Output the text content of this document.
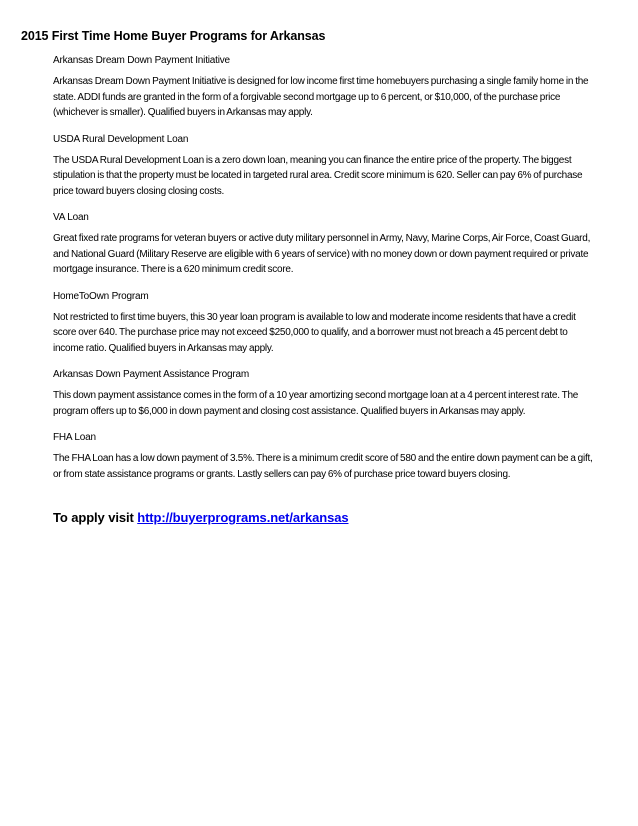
2015 First Time Home Buyer Programs for Arkansas

Arkansas Dream Down Payment Initiative

Arkansas Dream Down Payment Initiative is designed for low income first time homebuyers purchasing a single family home in the state. ADDI funds are granted in the form of a forgivable second mortgage up to 6 percent, or $10,000, of the purchase price (whichever is smaller). Qualified buyers in Arkansas may apply.

USDA Rural Development Loan

The USDA Rural Development Loan is a zero down loan, meaning you can finance the entire price of the property. The biggest stipulation is that the property must be located in targeted rural area. Credit score minimum is 620. Seller can pay 6% of purchase price toward buyers closing closing costs.

VA Loan

Great fixed rate programs for veteran buyers or active duty military personnel in Army, Navy, Marine Corps, Air Force, Coast Guard, and National Guard (Military Reserve are eligible with 6 years of service) with no money down or down payment required or private mortgage insurance. There is a 620 minimum credit score.

HomeToOwn Program

Not restricted to first time buyers, this 30 year loan program is available to low and moderate income residents that have a credit score over 640. The purchase price may not exceed $250,000 to qualify, and a borrower must not breach a 45 percent debt to income ratio. Qualified buyers in Arkansas may apply.

Arkansas Down Payment Assistance Program

This down payment assistance comes in the form of a 10 year amortizing second mortgage loan at a 4 percent interest rate. The program offers up to $6,000 in down payment and closing cost assistance. Qualified buyers in Arkansas may apply.

FHA Loan

The FHA Loan has a low down payment of 3.5%. There is a minimum credit score of 580 and the entire down payment can be a gift, or from state assistance programs or grants. Lastly sellers can pay 6% of purchase price toward buyers closing.

To apply visit http://buyerprograms.net/arkansas
